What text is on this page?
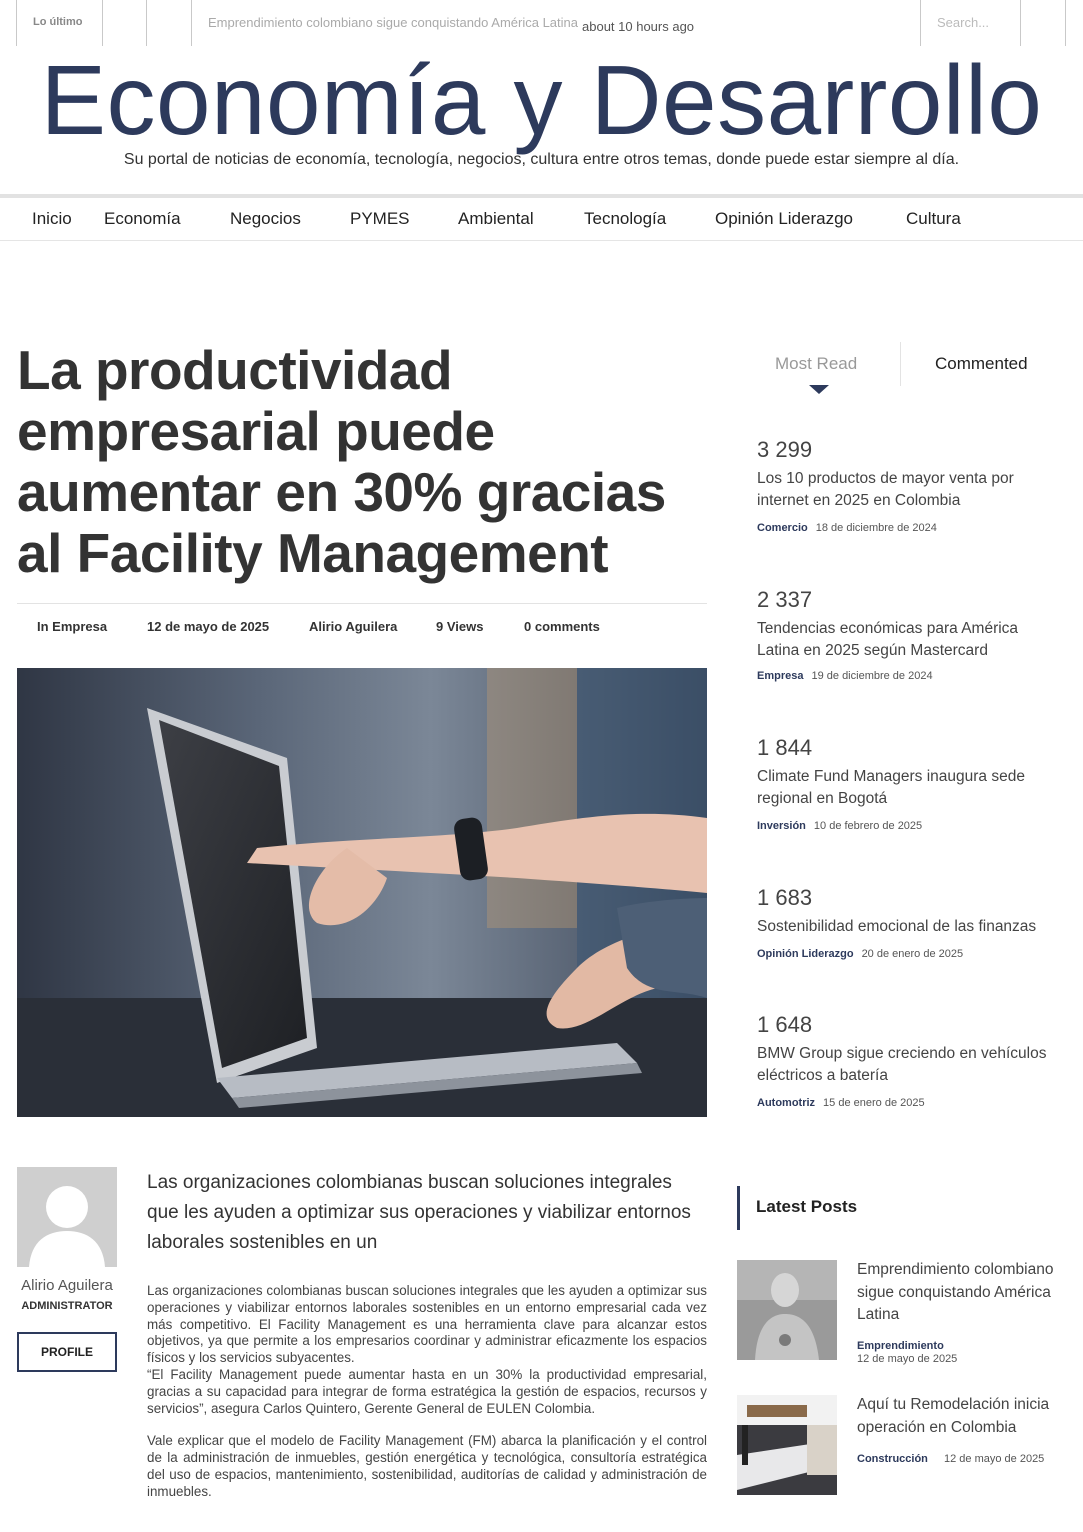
Lo último	Emprendimiento colombiano sigue conquistando América Latina about 10 hours ago	Search...
Economía y Desarrollo
Su portal de noticias de economía, tecnología, negocios, cultura entre otros temas, donde puede estar siempre al día.
Inicio Economía	Negocios	PYMES	Ambiental	Tecnología	Opinión Liderazgo	Cultura
La productividad empresarial puede aumentar en 30% gracias al Facility Management
In Empresa	12 de mayo de 2025	Alirio Aguilera	9 Views	0 comments
Alirio Aguilera
ADMINISTRATOR
PROFILE
Las organizaciones colombianas buscan soluciones integrales que les ayuden a optimizar sus operaciones y viabilizar entornos laborales sostenibles en un

Las organizaciones colombianas buscan soluciones integrales que les ayuden a optimizar sus operaciones y viabilizar entornos laborales sostenibles en un entorno empresarial cada vez más competitivo. El Facility Management es una herramienta clave para alcanzar estos objetivos, ya que permite a los empresarios coordinar y administrar eficazmente los espacios físicos y los servicios subyacentes.

“El Facility Management puede aumentar hasta en un 30% la productividad empresarial, gracias a su capacidad para integrar de forma estratégica la gestión de espacios, recursos y servicios”, asegura Carlos Quintero, Gerente General de EULEN Colombia.

Vale explicar que el modelo de Facility Management (FM) abarca la planificación y el control de la administración de inmuebles, gestión energética y tecnológica, consultoría estratégica del uso de espacios, mantenimiento, sostenibilidad, auditorías de calidad y administración de inmuebles.

Most Read	Commented
3 299
Los 10 productos de mayor venta por internet en 2025 en Colombia
Comercio 18 de diciembre de 2024
2 337
Tendencias económicas para América Latina en 2025 según Mastercard
Empresa 19 de diciembre de 2024
1 844
Climate Fund Managers inaugura sede regional en Bogotá
Inversión 10 de febrero de 2025
1 683
Sostenibilidad emocional de las finanzas
Opinión Liderazgo 20 de enero de 2025
1 648
BMW Group sigue creciendo en vehículos eléctricos a batería
Automotriz 15 de enero de 2025
Latest Posts
Emprendimiento colombiano sigue conquistando América Latina
Emprendimiento
12 de mayo de 2025
Aquí tu Remodelación inicia operación en Colombia
Construcción 12 de mayo de 2025
